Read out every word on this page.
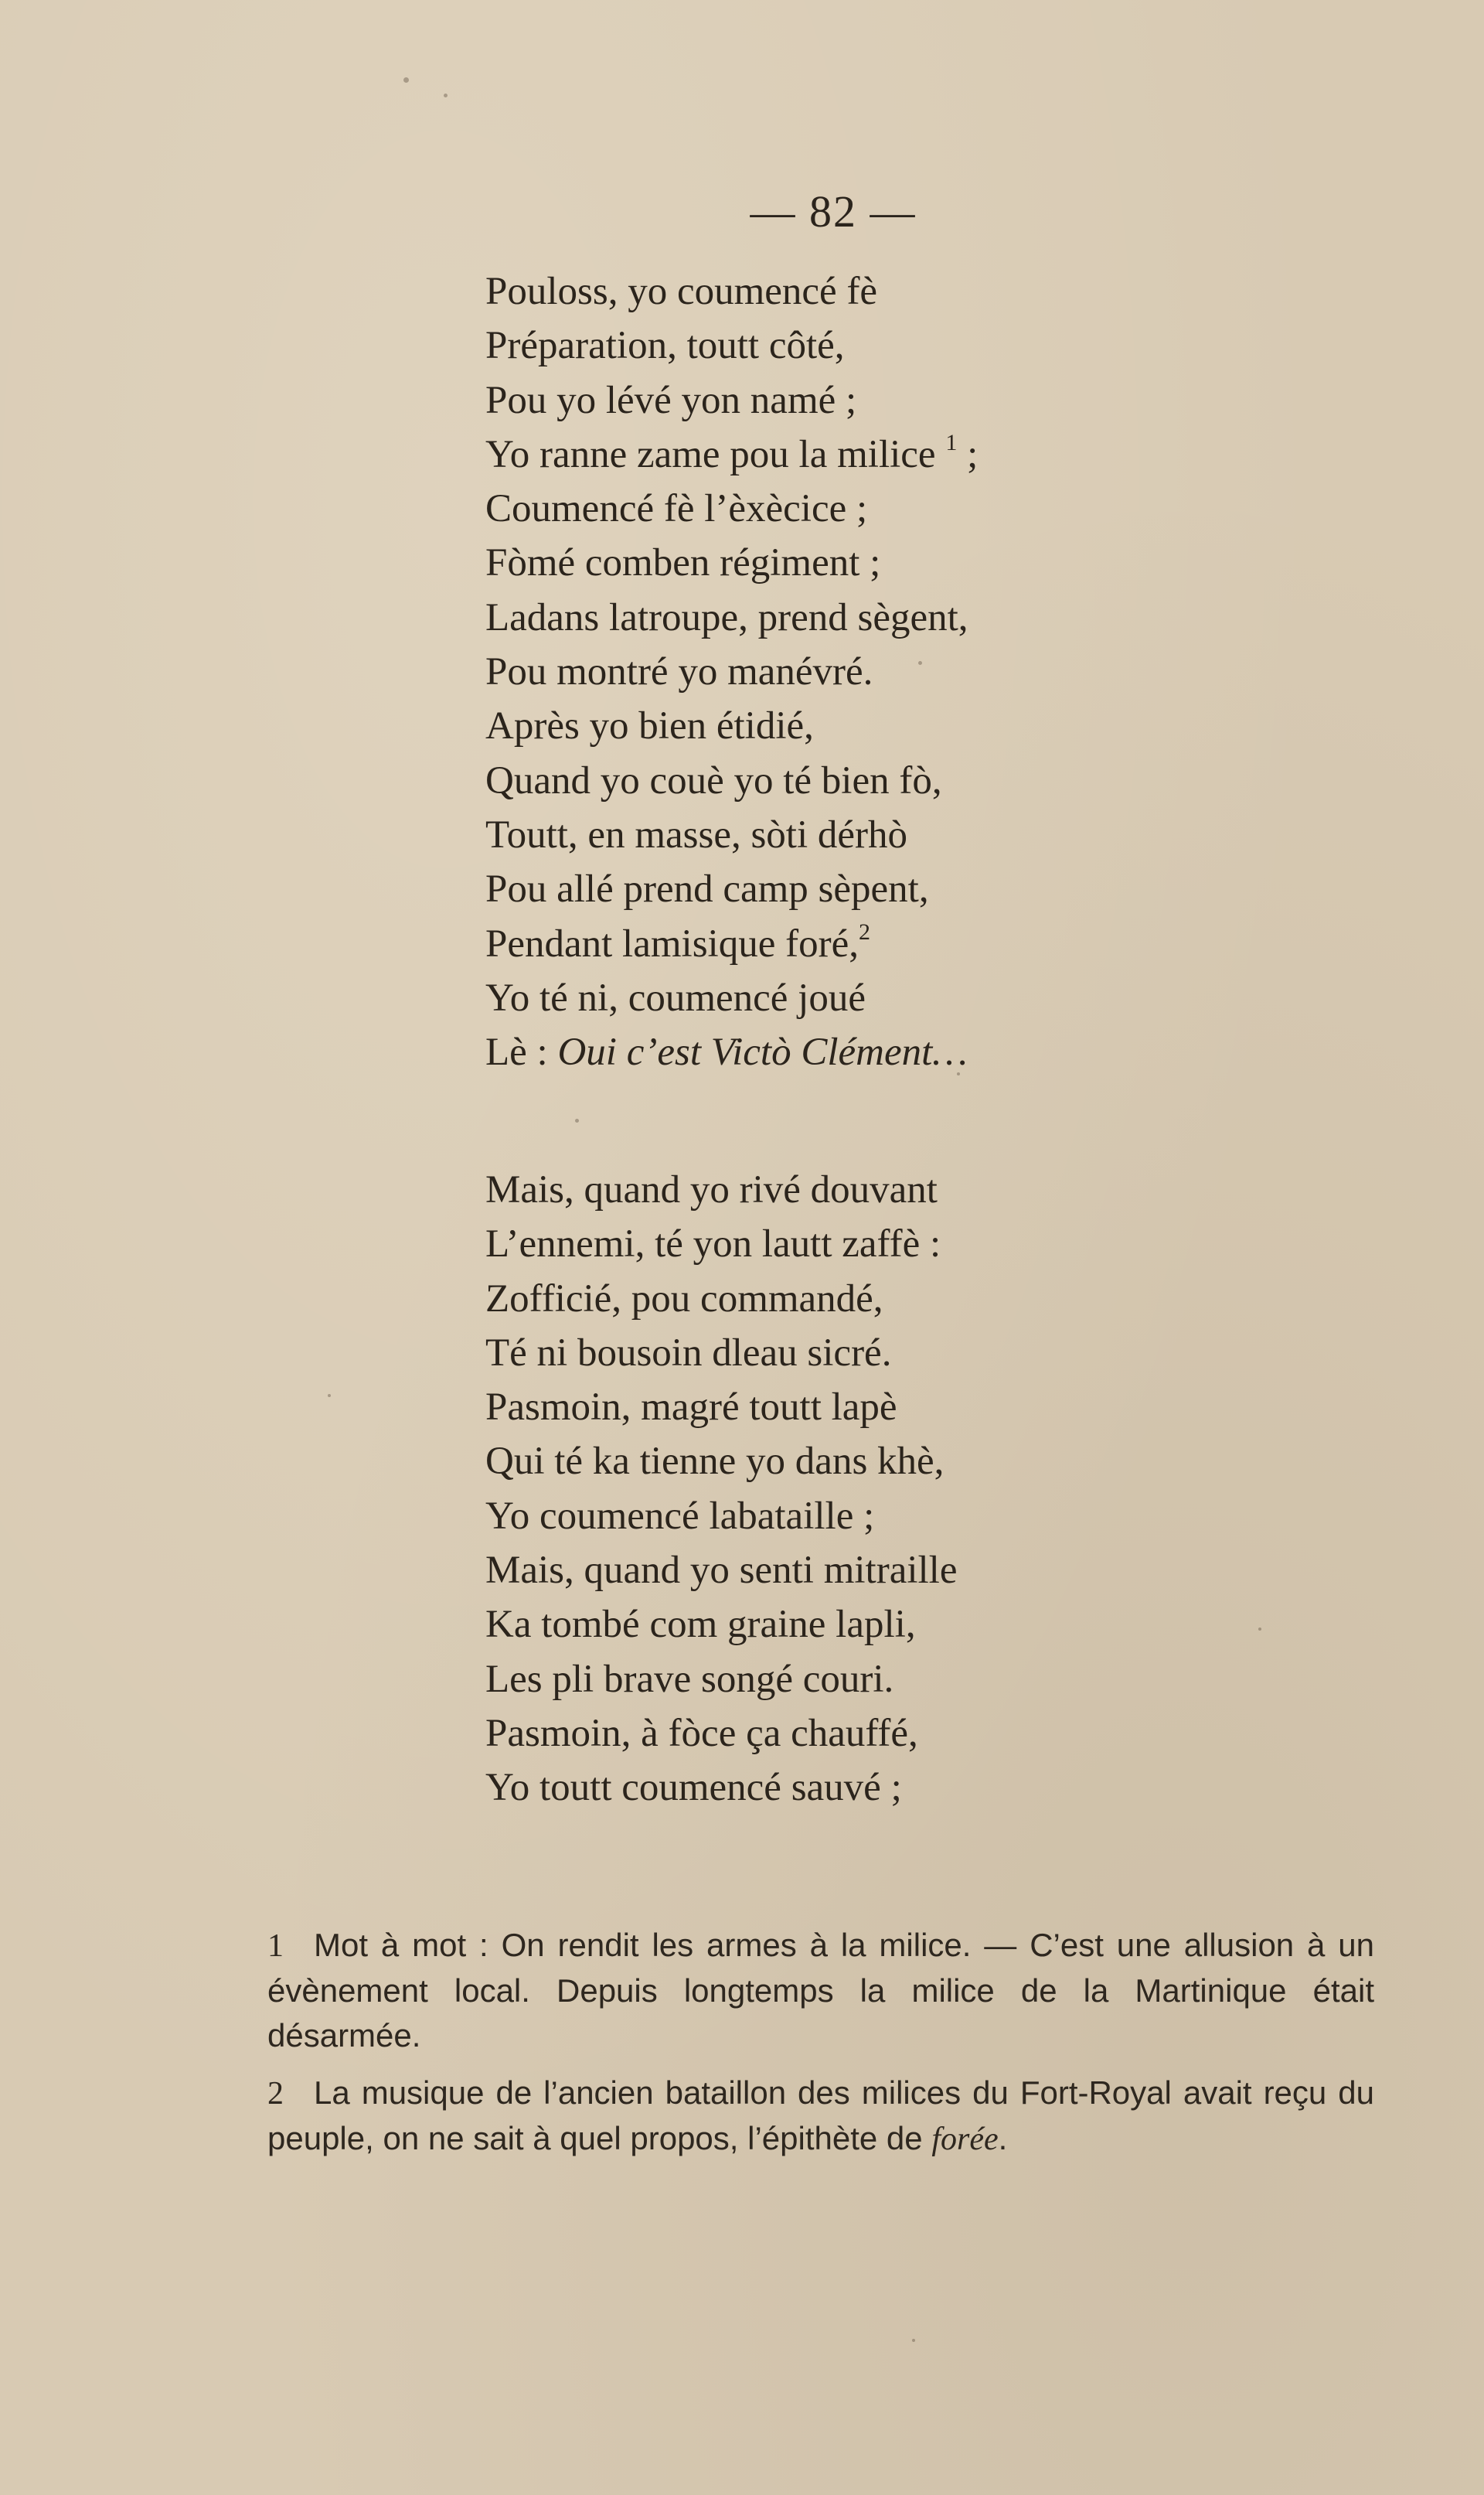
— 82 —
Pouloss, yo coumencé fè
Préparation, toutt côté,
Pou yo lévé yon namé ;
Yo ranne zame pou la milice $^1$ ;
Coumencé fè l’èxècice ;
Fòmé comben régiment ;
Ladans latroupe, prend sègent,
Pou montré yo manévré.
Après yo bien étidié,
Quand yo couè yo té bien fò,
Toutt, en masse, sòti dérhò
Pou allé prend camp sèpent,
Pendant lamisique foré,$^2$
Yo té ni, coumencé joué
Lè : Oui c’est Victò Clément…
Mais, quand yo rivé douvant
L’ennemi, té yon lautt zaffè :
Zofficié, pou commandé,
Té ni bousoin dleau sicré.
Pasmoin, magré toutt lapè
Qui té ka tienne yo dans khè,
Yo coumencé labataille ;
Mais, quand yo senti mitraille
Ka tombé com graine lapli,
Les pli brave songé couri.
Pasmoin, à fòce ça chauffé,
Yo toutt coumencé sauvé ;

1 Mot à mot : On rendit les armes à la milice. — C’est une allusion à un évènement local. Depuis longtemps la milice de la Martinique était désarmée.

2 La musique de l’ancien bataillon des milices du Fort-Royal avait reçu du peuple, on ne sait à quel propos, l’épithète de forée.
